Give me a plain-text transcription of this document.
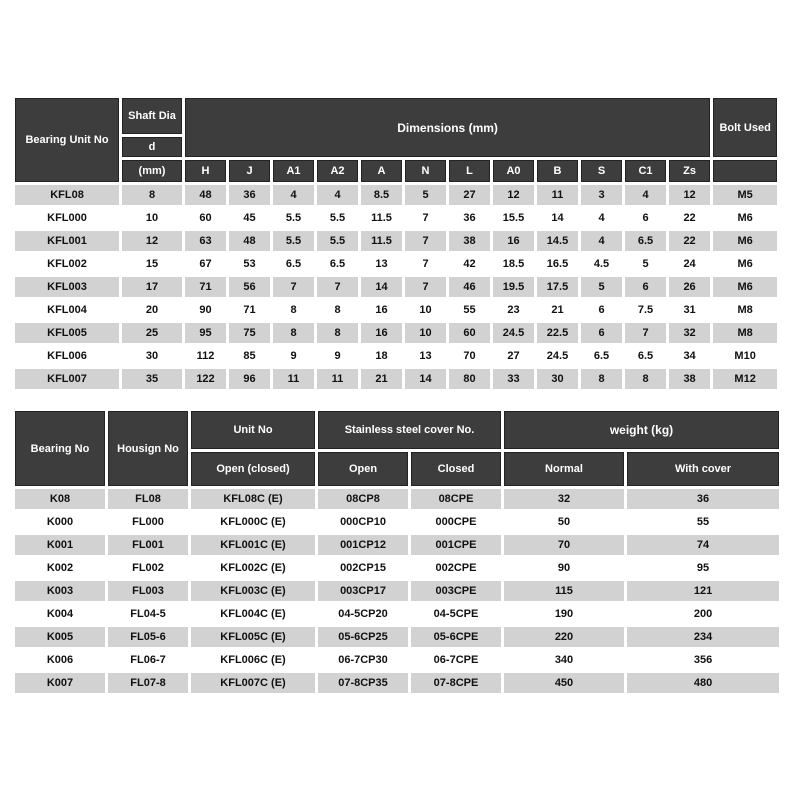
Bearing Unit No	Shaft Dia	Dimensions (mm)												Bolt Used
	d													
	(mm)	H	J	A1	A2	A	N	L	A0	B	S	C1	Zs	
KFL08	8	48	36	4	4	8.5	5	27	12	11	3	4	12	M5
KFL000	10	60	45	5.5	5.5	11.5	7	36	15.5	14	4	6	22	M6
KFL001	12	63	48	5.5	5.5	11.5	7	38	16	14.5	4	6.5	22	M6
KFL002	15	67	53	6.5	6.5	13	7	42	18.5	16.5	4.5	5	24	M6
KFL003	17	71	56	7	7	14	7	46	19.5	17.5	5	6	26	M6
KFL004	20	90	71	8	8	16	10	55	23	21	6	7.5	31	M8
KFL005	25	95	75	8	8	16	10	60	24.5	22.5	6	7	32	M8
KFL006	30	112	85	9	9	18	13	70	27	24.5	6.5	6.5	34	M10
KFL007	35	122	96	11	11	21	14	80	33	30	8	8	38	M12
Bearing No	Housign No	Unit No	Stainless steel cover No.		weight (kg)	
		Open (closed)	Open	Closed	Normal	With cover
K08	FL08	KFL08C (E)	08CP8	08CPE	32	36
K000	FL000	KFL000C (E)	000CP10	000CPE	50	55
K001	FL001	KFL001C (E)	001CP12	001CPE	70	74
K002	FL002	KFL002C (E)	002CP15	002CPE	90	95
K003	FL003	KFL003C (E)	003CP17	003CPE	115	121
K004	FL04-5	KFL004C (E)	04-5CP20	04-5CPE	190	200
K005	FL05-6	KFL005C (E)	05-6CP25	05-6CPE	220	234
K006	FL06-7	KFL006C (E)	06-7CP30	06-7CPE	340	356
K007	FL07-8	KFL007C (E)	07-8CP35	07-8CPE	450	480
